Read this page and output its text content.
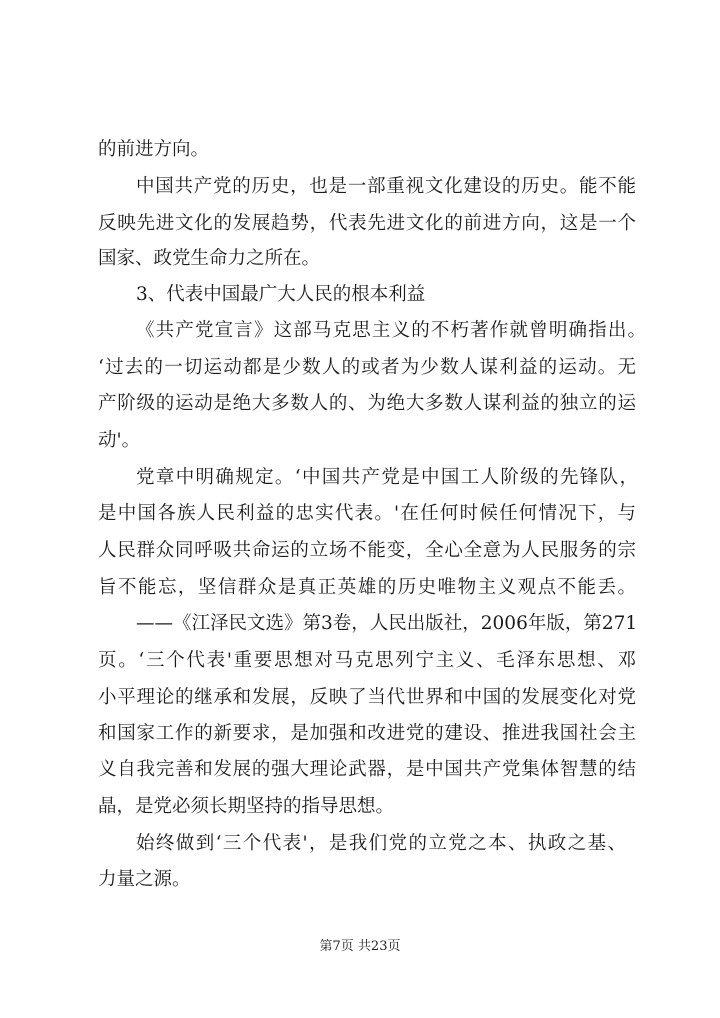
的前进方向。
中国共产党的历史，也是一部重视文化建设的历史。能不能
反映先进文化的发展趋势，代表先进文化的前进方向，这是一个
国家、政党生命力之所在。
3、代表中国最广大人民的根本利益
《共产党宣言》这部马克思主义的不朽著作就曾明确指出。
‘过去的一切运动都是少数人的或者为少数人谋利益的运动。无
产阶级的运动是绝大多数人的、为绝大多数人谋利益的独立的运
动'。
党章中明确规定。‘中国共产党是中国工人阶级的先锋队，
是中国各族人民利益的忠实代表。'在任何时候任何情况下，与
人民群众同呼吸共命运的立场不能变，全心全意为人民服务的宗
旨不能忘，坚信群众是真正英雄的历史唯物主义观点不能丢。
——《江泽民文选》第3卷，人民出版社，2006年版，第271
页。‘三个代表'重要思想对马克思列宁主义、毛泽东思想、邓
小平理论的继承和发展，反映了当代世界和中国的发展变化对党
和国家工作的新要求，是加强和改进党的建设、推进我国社会主
义自我完善和发展的强大理论武器，是中国共产党集体智慧的结
晶，是党必须长期坚持的指导思想。
始终做到‘三个代表'，是我们党的立党之本、执政之基、
力量之源。
第7页 共23页
